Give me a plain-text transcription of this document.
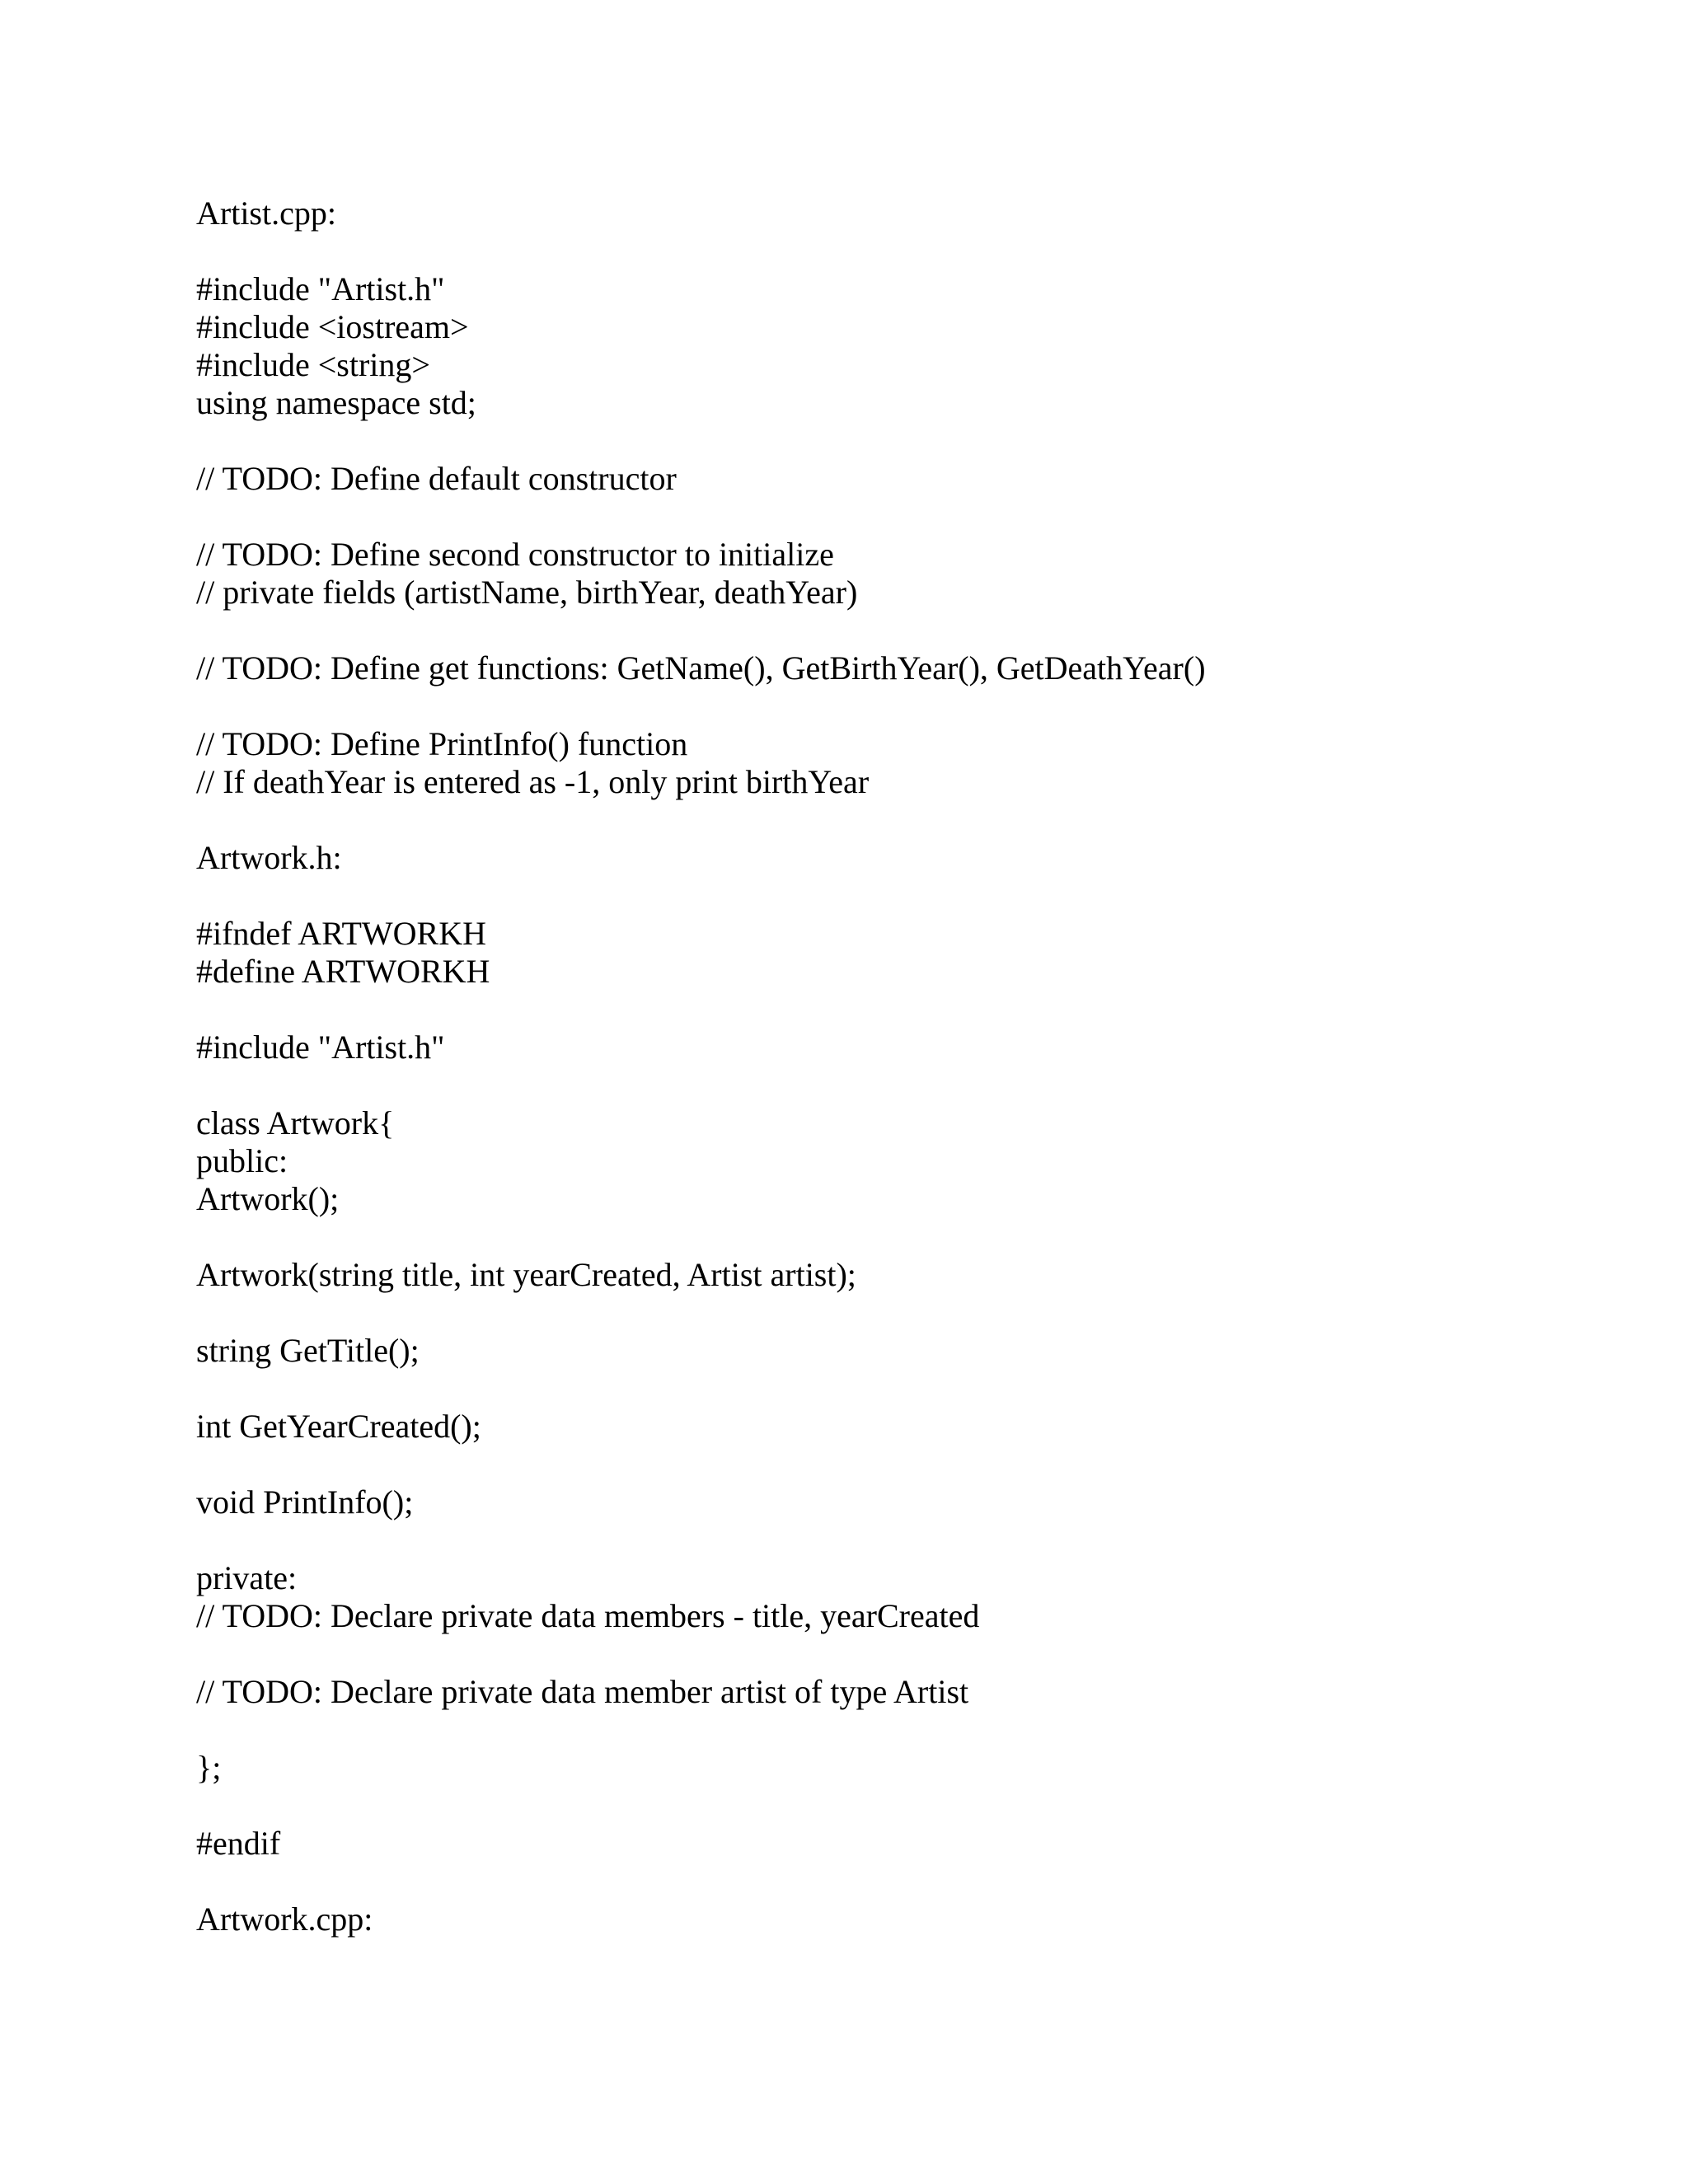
Artist.cpp:
#include "Artist.h"
#include <iostream>
#include <string>
using namespace std;
// TODO: Define default constructor
// TODO: Define second constructor to initialize
// private fields (artistName, birthYear, deathYear)
// TODO: Define get functions: GetName(), GetBirthYear(), GetDeathYear()
// TODO: Define PrintInfo() function
// If deathYear is entered as -1, only print birthYear
Artwork.h:
#ifndef ARTWORKH
#define ARTWORKH
#include "Artist.h"
class Artwork{
public:
Artwork();
Artwork(string title, int yearCreated, Artist artist);
string GetTitle();
int GetYearCreated();
void PrintInfo();
private:
// TODO: Declare private data members - title, yearCreated
// TODO: Declare private data member artist of type Artist
};
#endif
Artwork.cpp:
